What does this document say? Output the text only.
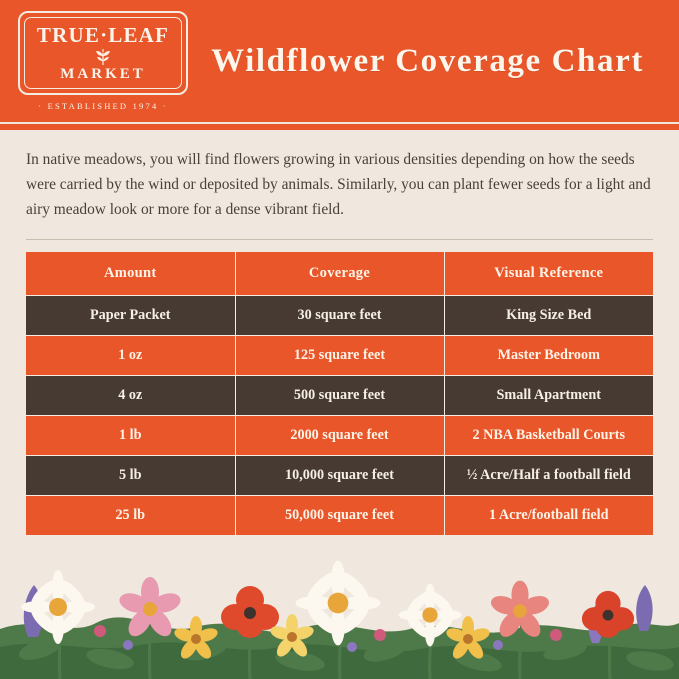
TRUE·LEAF
MARKET
· ESTABLISHED 1974 ·
Wildflower Coverage Chart
In native meadows, you will find flowers growing in various densities depending on how the seeds were carried by the wind or deposited by animals. Similarly, you can plant fewer seeds for a light and airy meadow look or more for a dense vibrant field.
Amount	Coverage	Visual Reference
Paper Packet	30 square feet	King Size Bed
1 oz	125 square feet	Master Bedroom
4 oz	500 square feet	Small Apartment
1 lb	2000 square feet	2 NBA Basketball Courts
5 lb	10,000 square feet	½ Acre/Half a football field
25 lb	50,000 square feet	1 Acre/football field
